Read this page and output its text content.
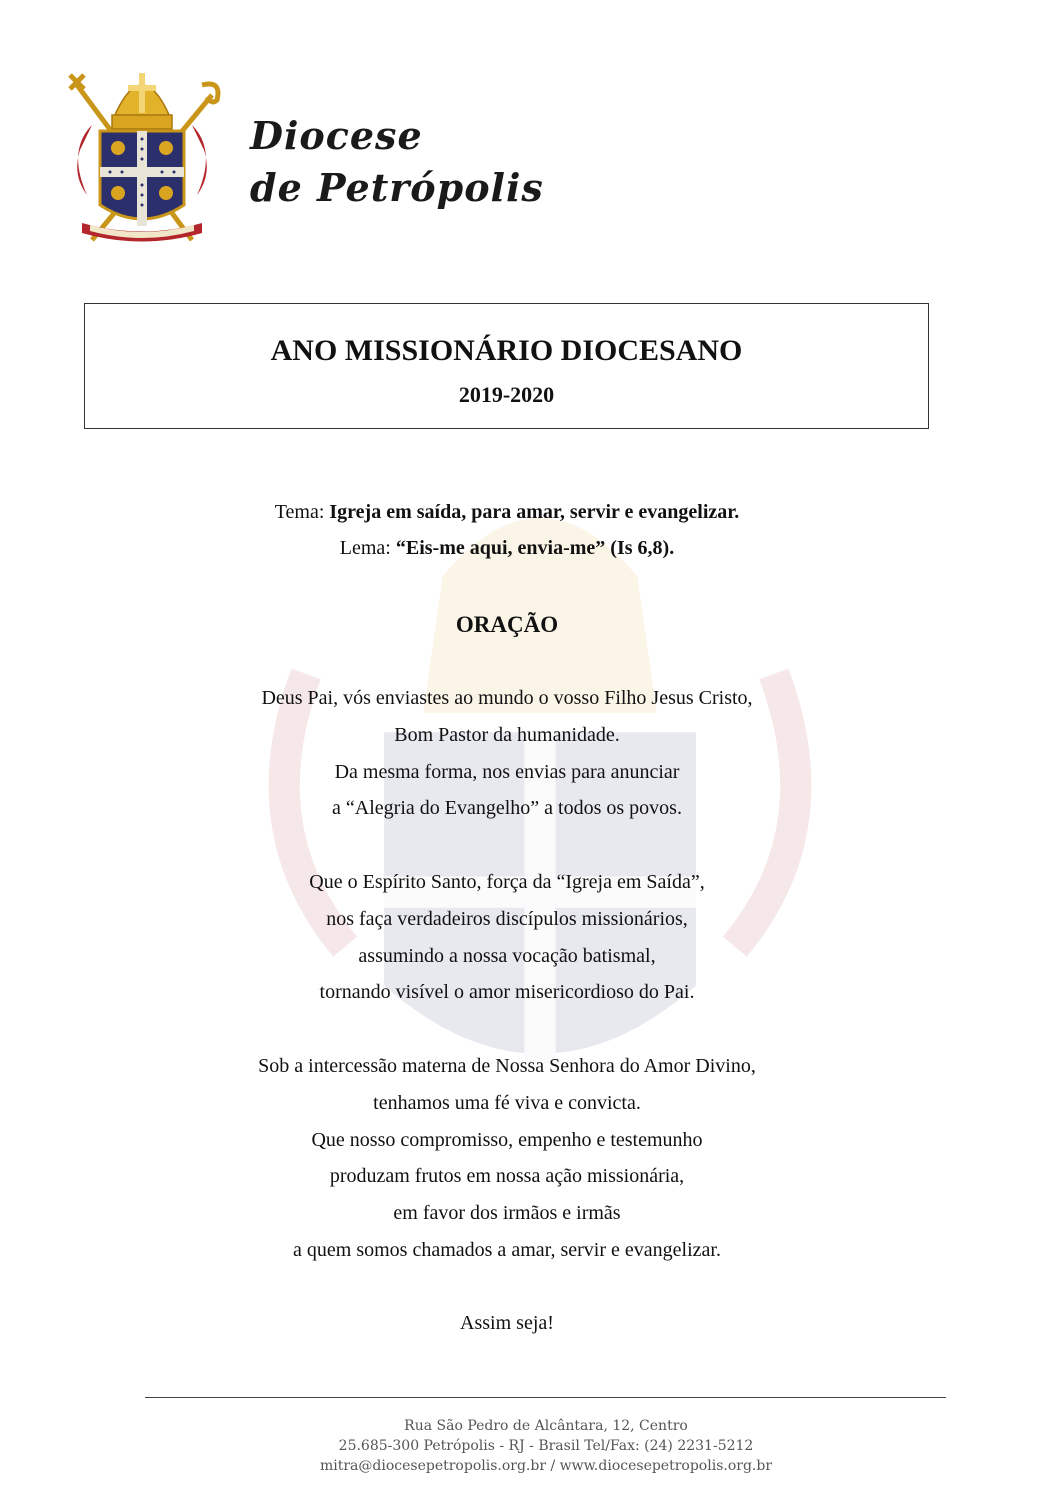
Diocese
de Petrópolis
ANO MISSIONÁRIO DIOCESANO
2019-2020
Tema: Igreja em saída, para amar, servir e evangelizar.
Lema: “Eis-me aqui, envia-me” (Is 6,8).
ORAÇÃO
Deus Pai, vós enviastes ao mundo o vosso Filho Jesus Cristo,
Bom Pastor da humanidade.
Da mesma forma, nos envias para anunciar
a “Alegria do Evangelho” a todos os povos.
Que o Espírito Santo, força da “Igreja em Saída”,
nos faça verdadeiros discípulos missionários,
assumindo a nossa vocação batismal,
tornando visível o amor misericordioso do Pai.
Sob a intercessão materna de Nossa Senhora do Amor Divino,
tenhamos uma fé viva e convicta.
Que nosso compromisso, empenho e testemunho
produzam frutos em nossa ação missionária,
em favor dos irmãos e irmãs
a quem somos chamados a amar, servir e evangelizar.
Assim seja!
Rua São Pedro de Alcântara, 12, Centro
25.685-300 Petrópolis - RJ - Brasil Tel/Fax: (24) 2231-5212
mitra@diocesepetropolis.org.br / www.diocesepetropolis.org.br
